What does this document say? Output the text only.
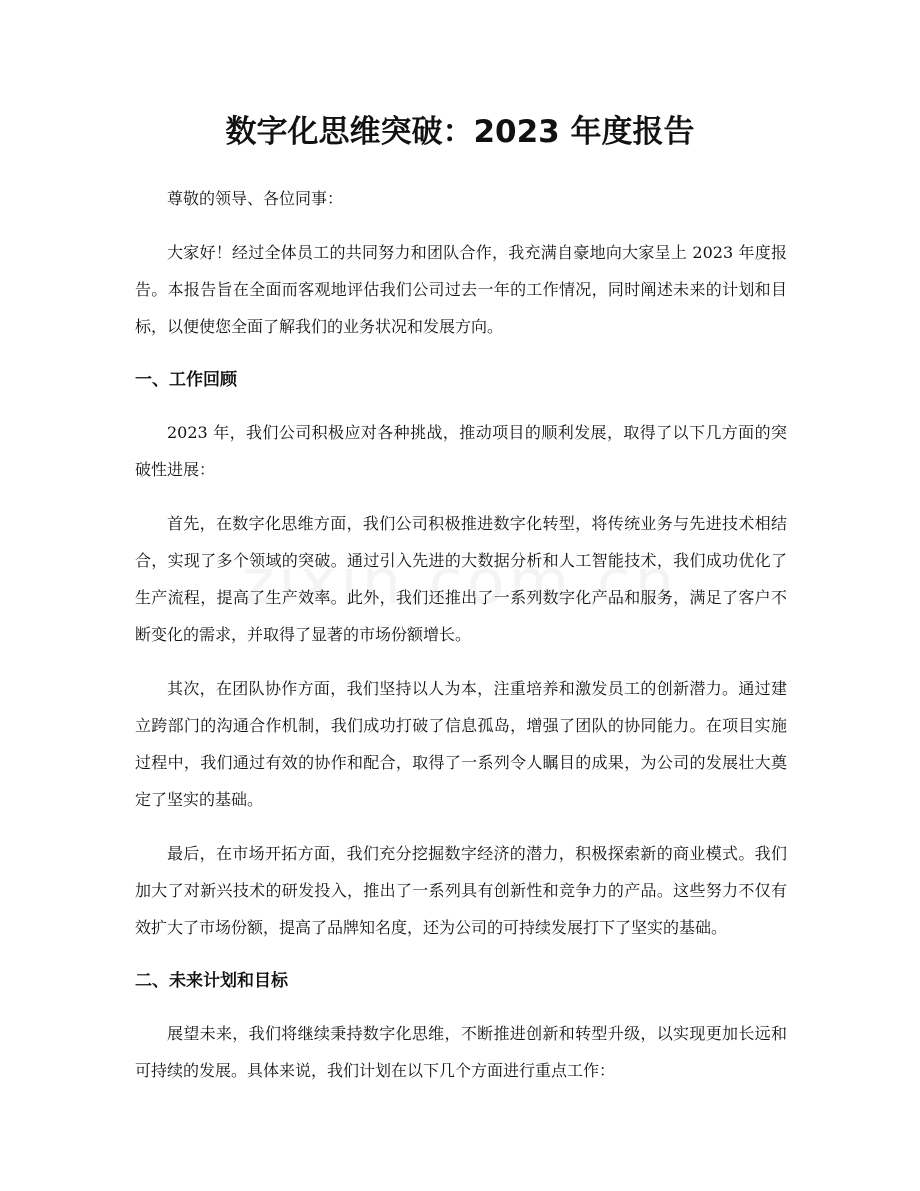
数字化思维突破：2023 年度报告

尊敬的领导、各位同事：

大家好！经过全体员工的共同努力和团队合作，我充满自豪地向大家呈上 2023 年度报告。本报告旨在全面而客观地评估我们公司过去一年的工作情况，同时阐述未来的计划和目标，以便使您全面了解我们的业务状况和发展方向。

一、工作回顾

2023 年，我们公司积极应对各种挑战，推动项目的顺利发展，取得了以下几方面的突破性进展：

首先，在数字化思维方面，我们公司积极推进数字化转型，将传统业务与先进技术相结合，实现了多个领域的突破。通过引入先进的大数据分析和人工智能技术，我们成功优化了生产流程，提高了生产效率。此外，我们还推出了一系列数字化产品和服务，满足了客户不断变化的需求，并取得了显著的市场份额增长。

其次，在团队协作方面，我们坚持以人为本，注重培养和激发员工的创新潜力。通过建立跨部门的沟通合作机制，我们成功打破了信息孤岛，增强了团队的协同能力。在项目实施过程中，我们通过有效的协作和配合，取得了一系列令人瞩目的成果，为公司的发展壮大奠定了坚实的基础。

最后，在市场开拓方面，我们充分挖掘数字经济的潜力，积极探索新的商业模式。我们加大了对新兴技术的研发投入，推出了一系列具有创新性和竞争力的产品。这些努力不仅有效扩大了市场份额，提高了品牌知名度，还为公司的可持续发展打下了坚实的基础。

二、未来计划和目标

展望未来，我们将继续秉持数字化思维，不断推进创新和转型升级，以实现更加长远和可持续的发展。具体来说，我们计划在以下几个方面进行重点工作：
